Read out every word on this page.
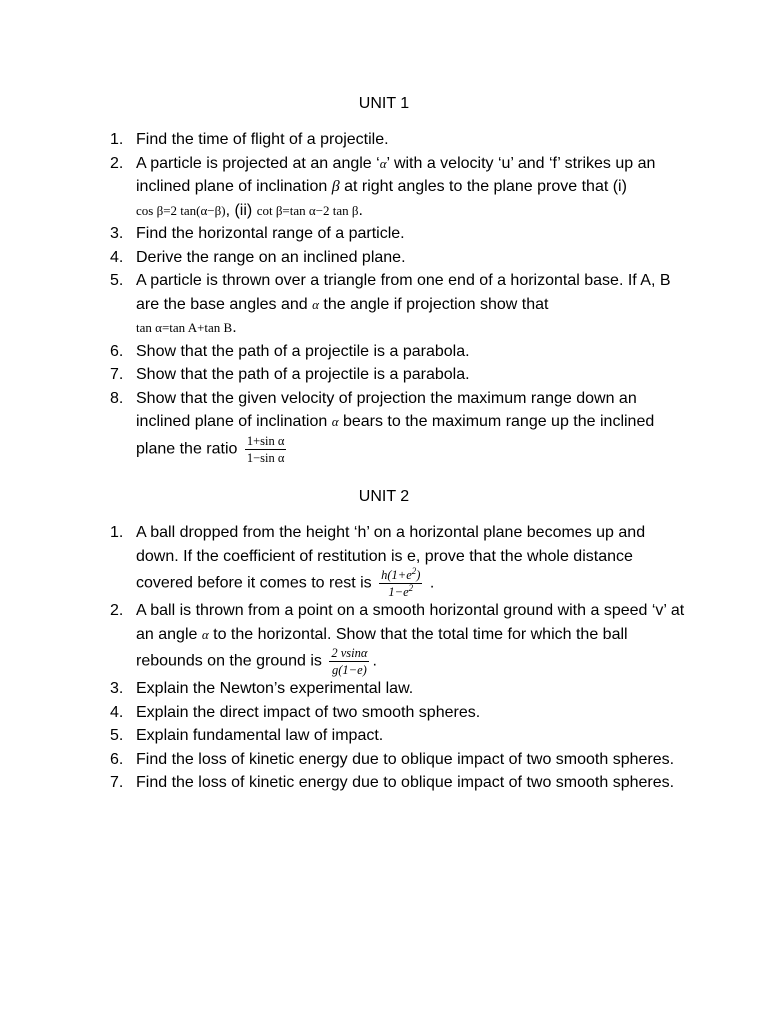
UNIT 1
1. Find the time of flight of a projectile.
2. A particle is projected at an angle ‘α’ with a velocity ‘u’ and ‘f’ strikes up an inclined plane of inclination β at right angles to the plane prove that (i)
cos β=2 tan(α−β), (ii) cot β=tan α−2 tan β.
3. Find the horizontal range of a particle.
4. Derive the range on an inclined plane.
5. A particle is thrown over a triangle from one end of a horizontal base. If A, B are the base angles and α the angle if projection show that
tan α=tan A+tan B.
6. Show that the path of a projectile is a parabola.
7. Show that the path of a projectile is a parabola.
8. Show that the given velocity of projection the maximum range down an inclined plane of inclination α bears to the maximum range up the inclined plane the ratio $\frac{\text{1+sin α}}{\text{1−sin α}}$
UNIT 2
1. A ball dropped from the height ‘h’ on a horizontal plane becomes up and down. If the coefficient of restitution is e, prove that the whole distance covered before it comes to rest is $\frac{h(1+e^2)}{1-e^2}$ .
2. A ball is thrown from a point on a smooth horizontal ground with a speed ‘v’ at an angle α to the horizontal. Show that the total time for which the ball rebounds on the ground is $\frac{2 vsin\alpha}{g(1-e)}$ .
3. Explain the Newton’s experimental law.
4. Explain the direct impact of two smooth spheres.
5. Explain fundamental law of impact.
6. Find the loss of kinetic energy due to oblique impact of two smooth spheres.
7. Find the loss of kinetic energy due to oblique impact of two smooth spheres.
